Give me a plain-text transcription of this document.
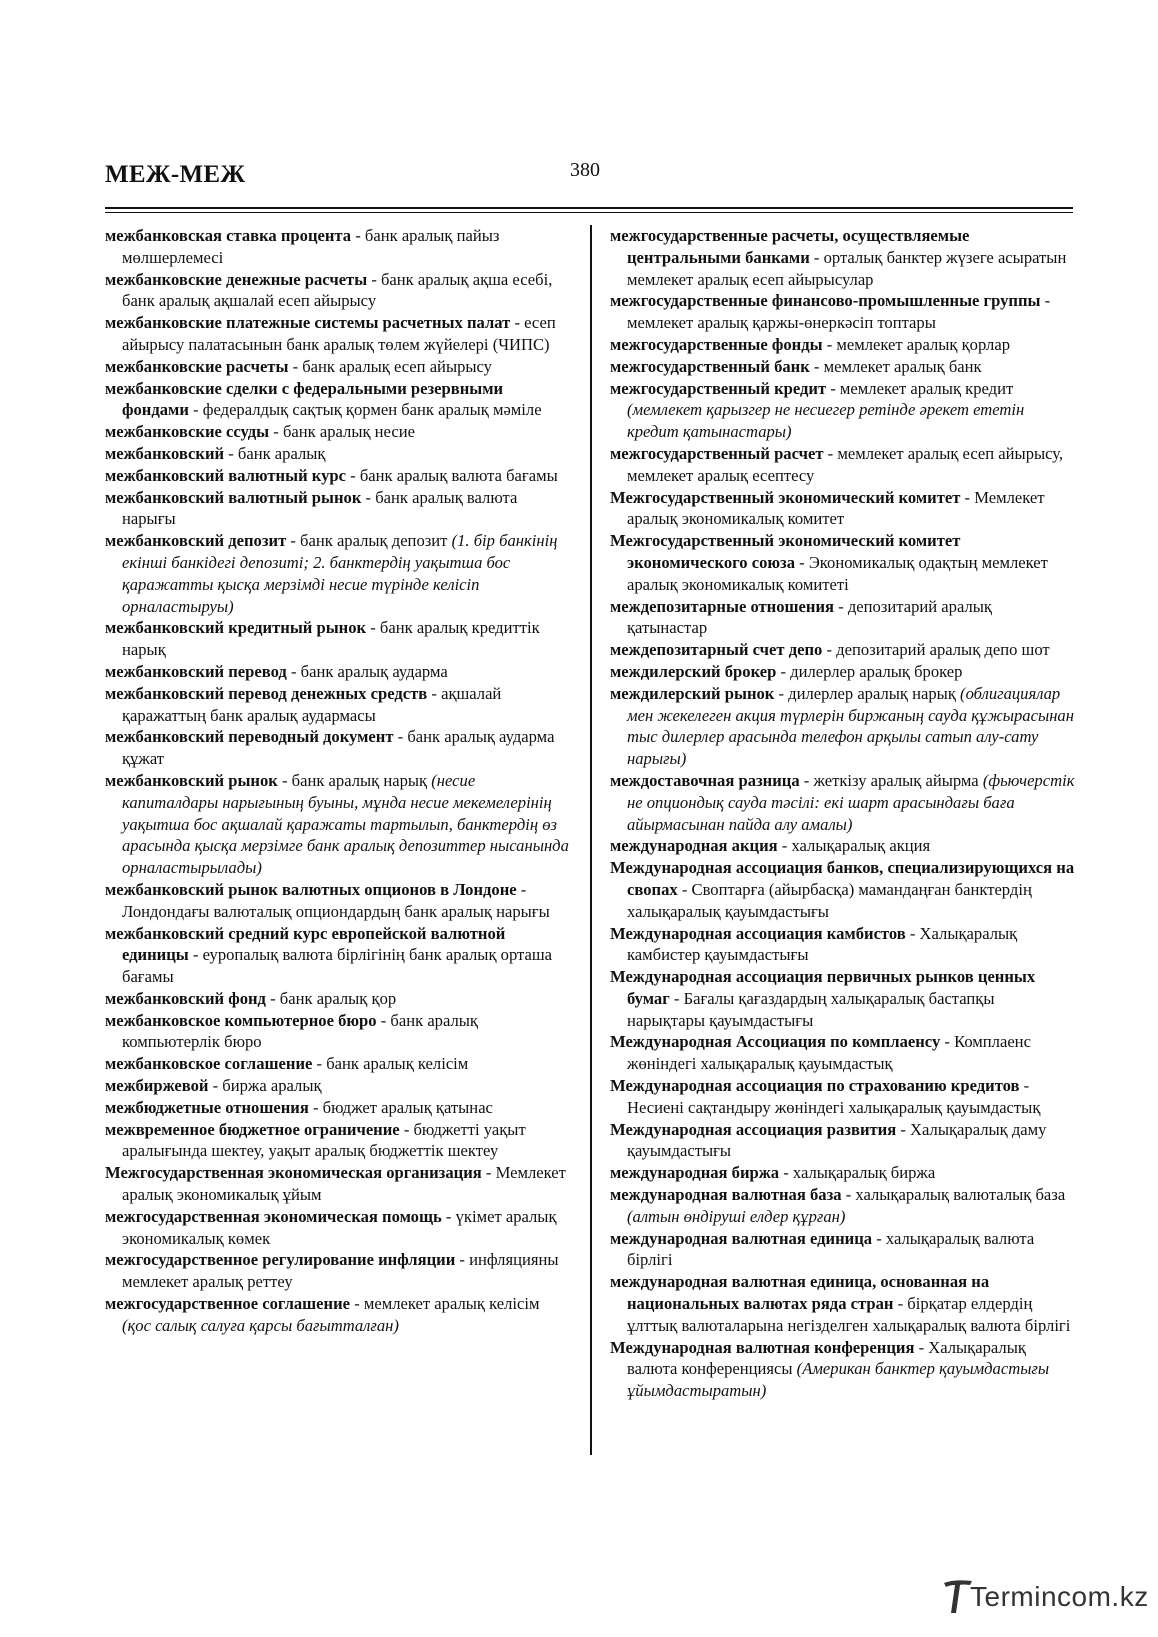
МЕЖ-МЕЖ	380

межбанковская ставка процента - банк аралық пайыз мөлшерлемесі

межбанковские денежные расчеты - банк аралық ақша есебі, банк аралық ақшалай есеп айырысу

межбанковские платежные системы расчетных палат - есеп айырысу палатасынын банк аралық төлем жүйелері (ЧИПС)

межбанковские расчеты - банк аралық есеп айырысу

межбанковские сделки с федеральными резервными фондами - федералдық сақтық қормен банк аралық мәміле

межбанковские ссуды - банк аралық несие

межбанковский - банк аралық

межбанковский валютный курс - банк аралық валюта бағамы

межбанковский валютный рынок - банк аралық валюта нарығы

межбанковский депозит - банк аралық депозит (1. бір банкінің екінші банкідегі депозиті; 2. банктердің уақытша бос қаражатты қысқа мерзімді несие түрінде келісіп орналастыруы)

межбанковский кредитный рынок - банк аралық кредиттік нарық

межбанковский перевод - банк аралық аударма

межбанковский перевод денежных средств - ақшалай қаражаттың банк аралық аудармасы

межбанковский переводный документ - банк аралық аударма құжат

межбанковский рынок - банк аралық нарық (несие капиталдары нарығының буыны, мұнда несие мекемелерінің уақытша бос ақшалай қаражаты тартылып, банктердің өз арасында қысқа мерзімге банк аралық депозиттер нысанында орналастырылады)

межбанковский рынок валютных опционов в Лондоне - Лондондағы валюталық опциондардың банк аралық нарығы

межбанковский средний курс европейской валютной единицы - еуропалық валюта бірлігінің банк аралық орташа бағамы

межбанковский фонд - банк аралық қор

межбанковское компьютерное бюро - банк аралық компьютерлік бюро

межбанковское соглашение - банк аралық келісім

межбиржевой - биржа аралық

межбюджетные отношения - бюджет аралық қатынас

межвременное бюджетное ограничение - бюджетті уақыт аралығында шектеу, уақыт аралық бюджеттік шектеу

Межгосударственная экономическая организация - Мемлекет аралық экономикалық ұйым

межгосударственная экономическая помощь - үкімет аралық экономикалық көмек

межгосударственное регулирование инфляции - инфляцияны мемлекет аралық реттеу

межгосударственное соглашение - мемлекет аралық келісім (қос салық салуға қарсы бағытталған)

межгосударственные расчеты, осуществляемые центральными банками - орталық банктер жүзеге асыратын мемлекет аралық есеп айырысулар

межгосударственные финансово-промышленные группы - мемлекет аралық қаржы-өнеркәсіп топтары

межгосударственные фонды - мемлекет аралық қорлар

межгосударственный банк - мемлекет аралық банк

межгосударственный кредит - мемлекет аралық кредит (мемлекет қарызгер не несиегер ретінде әрекет ететін кредит қатынастары)

межгосударственный расчет - мемлекет аралық есеп айырысу, мемлекет аралық есептесу

Межгосударственный экономический комитет - Мемлекет аралық экономикалық комитет

Межгосударственный экономический комитет экономического союза - Экономикалық одақтың мемлекет аралық экономикалық комитеті

междепозитарные отношения - депозитарий аралық қатынастар

междепозитарный счет депо - депозитарий аралық депо шот

междилерский брокер - дилерлер аралық брокер

междилерский рынок - дилерлер аралық нарық (облигациялар мен жекелеген акция түрлерін биржаның сауда құжырасынан тыс дилерлер арасында телефон арқылы сатып алу-сату нарығы)

междоставочная разница - жеткізу аралық айырма (фьючерстік не опциондық сауда тәсілі: екі шарт арасындағы баға айырмасынан пайда алу амалы)

международная акция - халықаралық акция

Международная ассоциация банков, специализирующихся на свопах - Своптарға (айырбасқа) мамандаңған банктердің халықаралық қауымдастығы

Международная ассоциация камбистов - Халықаралық камбистер қауымдастығы

Международная ассоциация первичных рынков ценных бумаг - Бағалы қағаздардың халықаралық бастапқы нарықтары қауымдастығы

Международная Ассоциация по комплаенсу - Комплаенс жөніндегі халықаралық қауымдастық

Международная ассоциация по страхованию кредитов - Несиені сақтандыру жөніндегі халықаралық қауымдастық

Международная ассоциация развития - Халықаралық даму қауымдастығы

международная биржа - халықаралық биржа

международная валютная база - халықаралық валюталық база (алтын өндіруші елдер құрған)

международная валютная единица - халықаралық валюта бірлігі

международная валютная единица, основанная на национальных валютах ряда стран - бірқатар елдердің ұлттық валюталарына негізделген халықаралық валюта бірлігі

Международная валютная конференция - Халықаралық валюта конференциясы (Американ банктер қауымдастығы ұйымдастыратын)

Termincom.kz
